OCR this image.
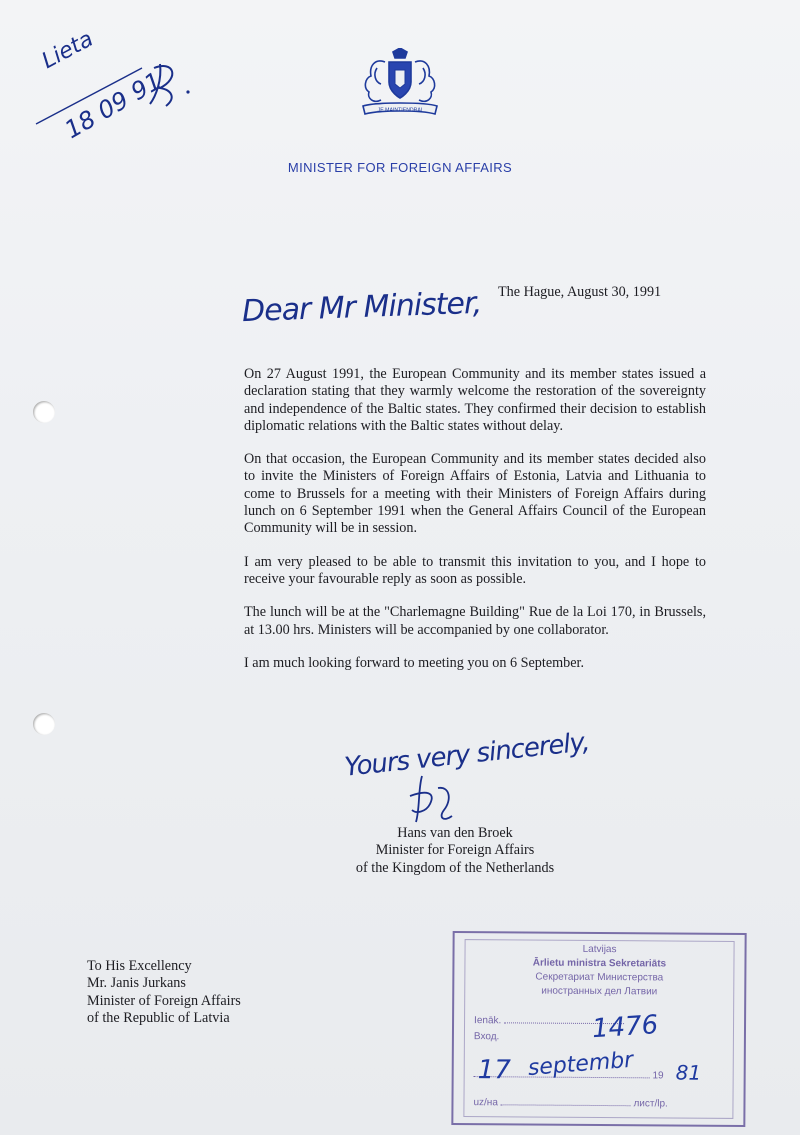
Lieta
18 09 91	JE MAINTIENDRAI
MINISTER FOR FOREIGN AFFAIRS
The Hague, August 30, 1991
Dear Mr Minister,

On 27 August 1991, the European Community and its member states issued a declaration stating that they warmly welcome the restoration of the sovereignty and independence of the Baltic states. They confirmed their decision to establish diplomatic relations with the Baltic states without delay.

On that occasion, the European Community and its member states decided also to invite the Ministers of Foreign Affairs of Estonia, Latvia and Lithuania to come to Brussels for a meeting with their Ministers of Foreign Affairs during lunch on 6 September 1991 when the General Affairs Council of the European Community will be in session.

I am very pleased to be able to transmit this invitation to you, and I hope to receive your favourable reply as soon as possible.

The lunch will be at the "Charlemagne Building" Rue de la Loi 170, in Brussels, at 13.00 hrs. Ministers will be accompanied by one collaborator.

I am much looking forward to meeting you on 6 September.

Yours very sincerely,
Hans van den Broek
Minister for Foreign Affairs
of the Kingdom of the Netherlands
To His Excellency
Mr. Janis Jurkans
Minister of Foreign Affairs
of the Republic of Latvia
Latvijas
Ārlietu ministra Sekretariāts
Секретариат Министерства
иностранных дел Латвии
Ienāk.
Вход.	1476
19
17 septembr 81
uz/на	лист/lp.
